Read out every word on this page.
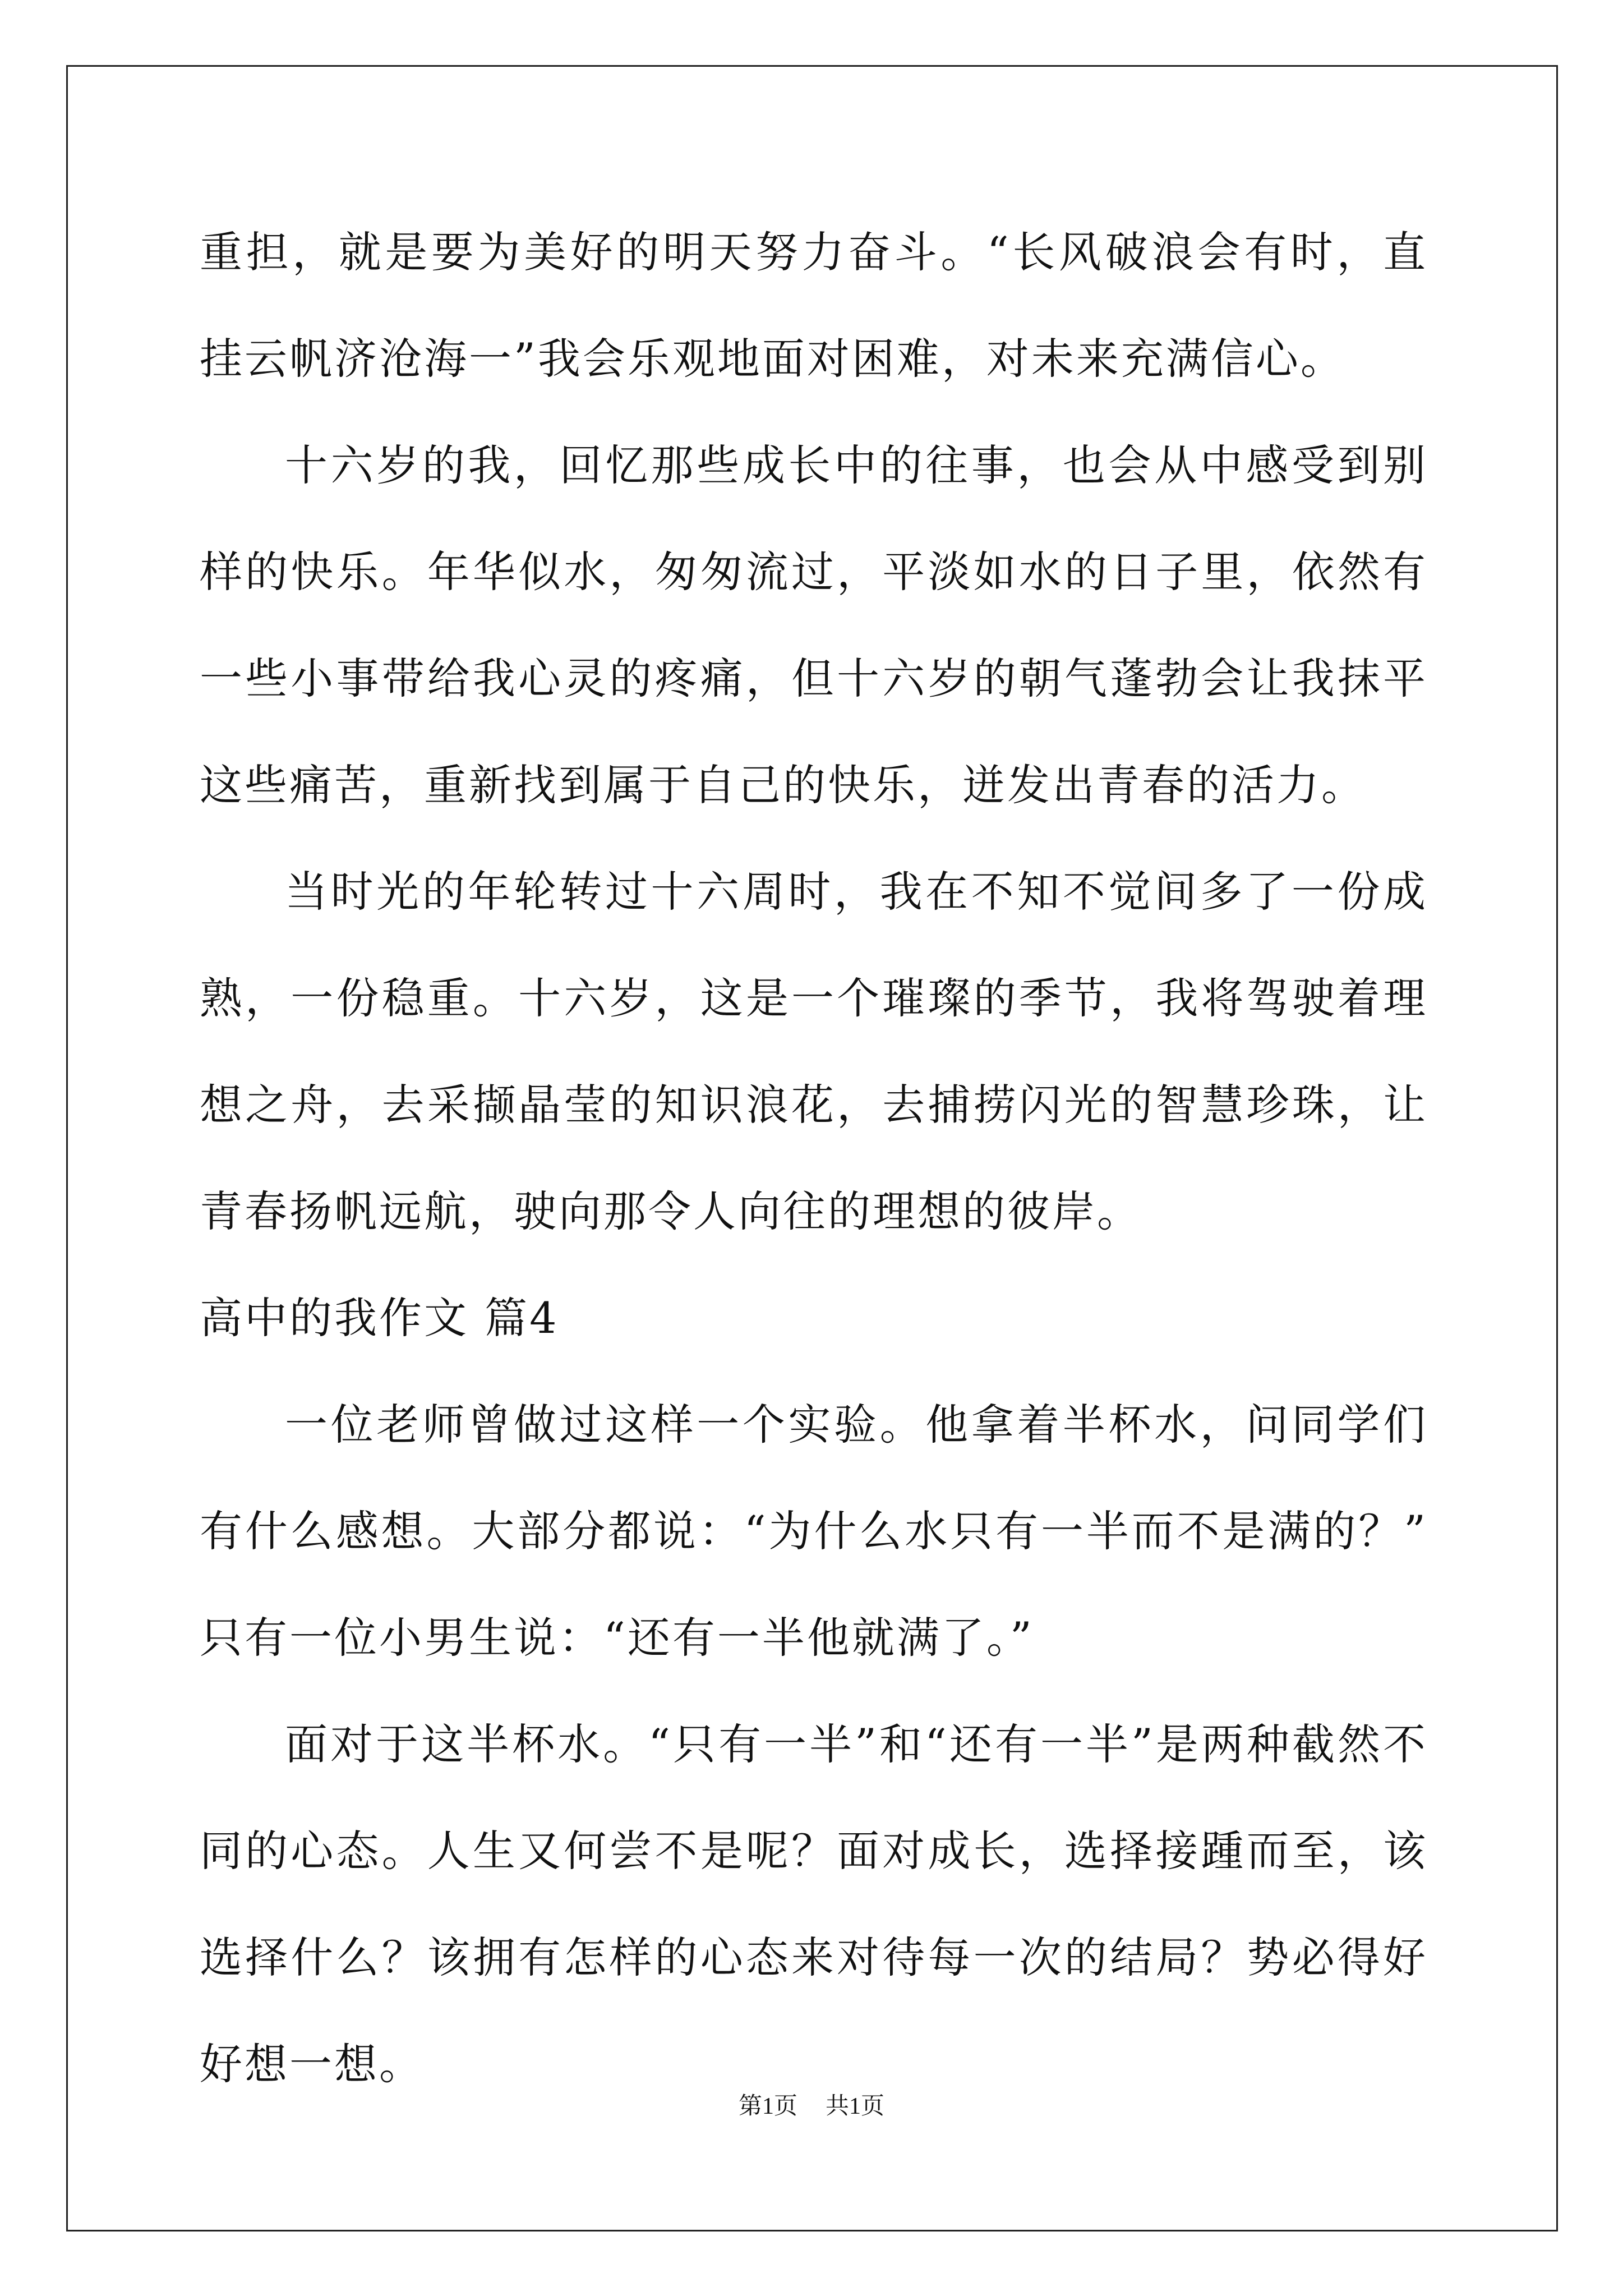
重担，就是要为美好的明天努力奋斗。“长风破浪会有时，直挂云帆济沧海一”我会乐观地面对困难，对未来充满信心。

十六岁的我，回忆那些成长中的往事，也会从中感受到别样的快乐。年华似水，匆匆流过，平淡如水的日子里，依然有一些小事带给我心灵的疼痛，但十六岁的朝气蓬勃会让我抹平这些痛苦，重新找到属于自己的快乐，迸发出青春的活力。

当时光的年轮转过十六周时，我在不知不觉间多了一份成熟，一份稳重。十六岁，这是一个璀璨的季节，我将驾驶着理想之舟，去采撷晶莹的知识浪花，去捕捞闪光的智慧珍珠，让青春扬帆远航，驶向那令人向往的理想的彼岸。

高中的我作文 篇4

一位老师曾做过这样一个实验。他拿着半杯水，问同学们有什么感想。大部分都说：“为什么水只有一半而不是满的？”只有一位小男生说：“还有一半他就满了。”

面对于这半杯水。“只有一半”和“还有一半”是两种截然不同的心态。人生又何尝不是呢？面对成长，选择接踵而至，该选择什么？该拥有怎样的心态来对待每一次的结局？势必得好好想一想。

第1页 共1页
